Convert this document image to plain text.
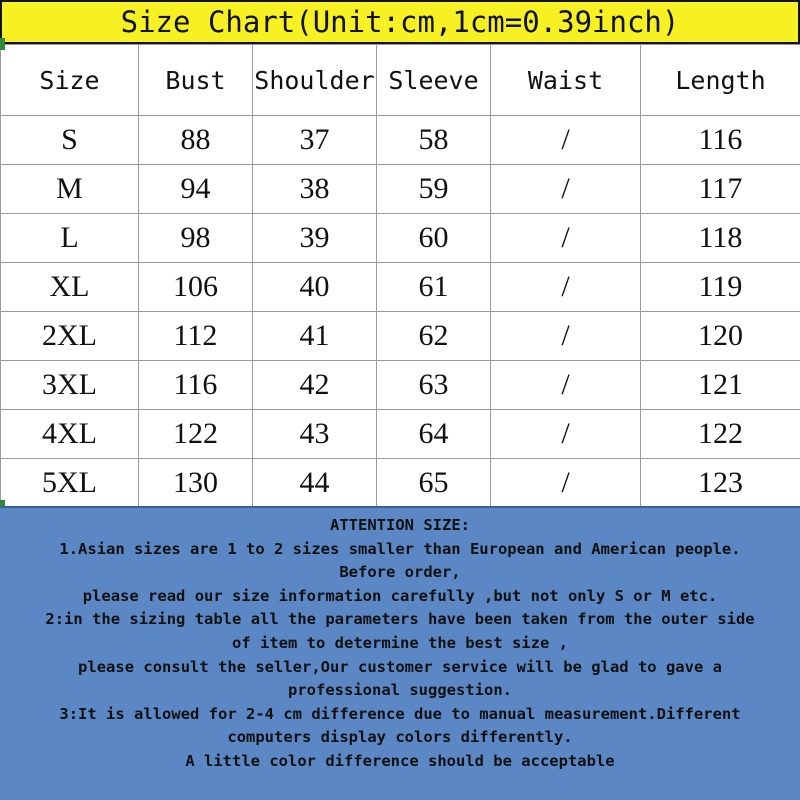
Size Chart(Unit:cm,1cm=0.39inch)
Size	Bust	Shoulder	Sleeve	Waist	Length
S	88	37	58	/	116
M	94	38	59	/	117
L	98	39	60	/	118
XL	106	40	61	/	119
2XL	112	41	62	/	120
3XL	116	42	63	/	121
4XL	122	43	64	/	122
5XL	130	44	65	/	123
ATTENTION SIZE:
1.Asian sizes are 1 to 2 sizes smaller than European and American people.
Before order,
please read our size information carefully ,but not only S or M etc.
2:in the sizing table all the parameters have been taken from the outer side
of item to determine the best size ,
please consult the seller,Our customer service will be glad to gave a
professional suggestion.
3:It is allowed for 2-4 cm difference due to manual measurement.Different
computers display colors differently.
A little color difference should be acceptable
